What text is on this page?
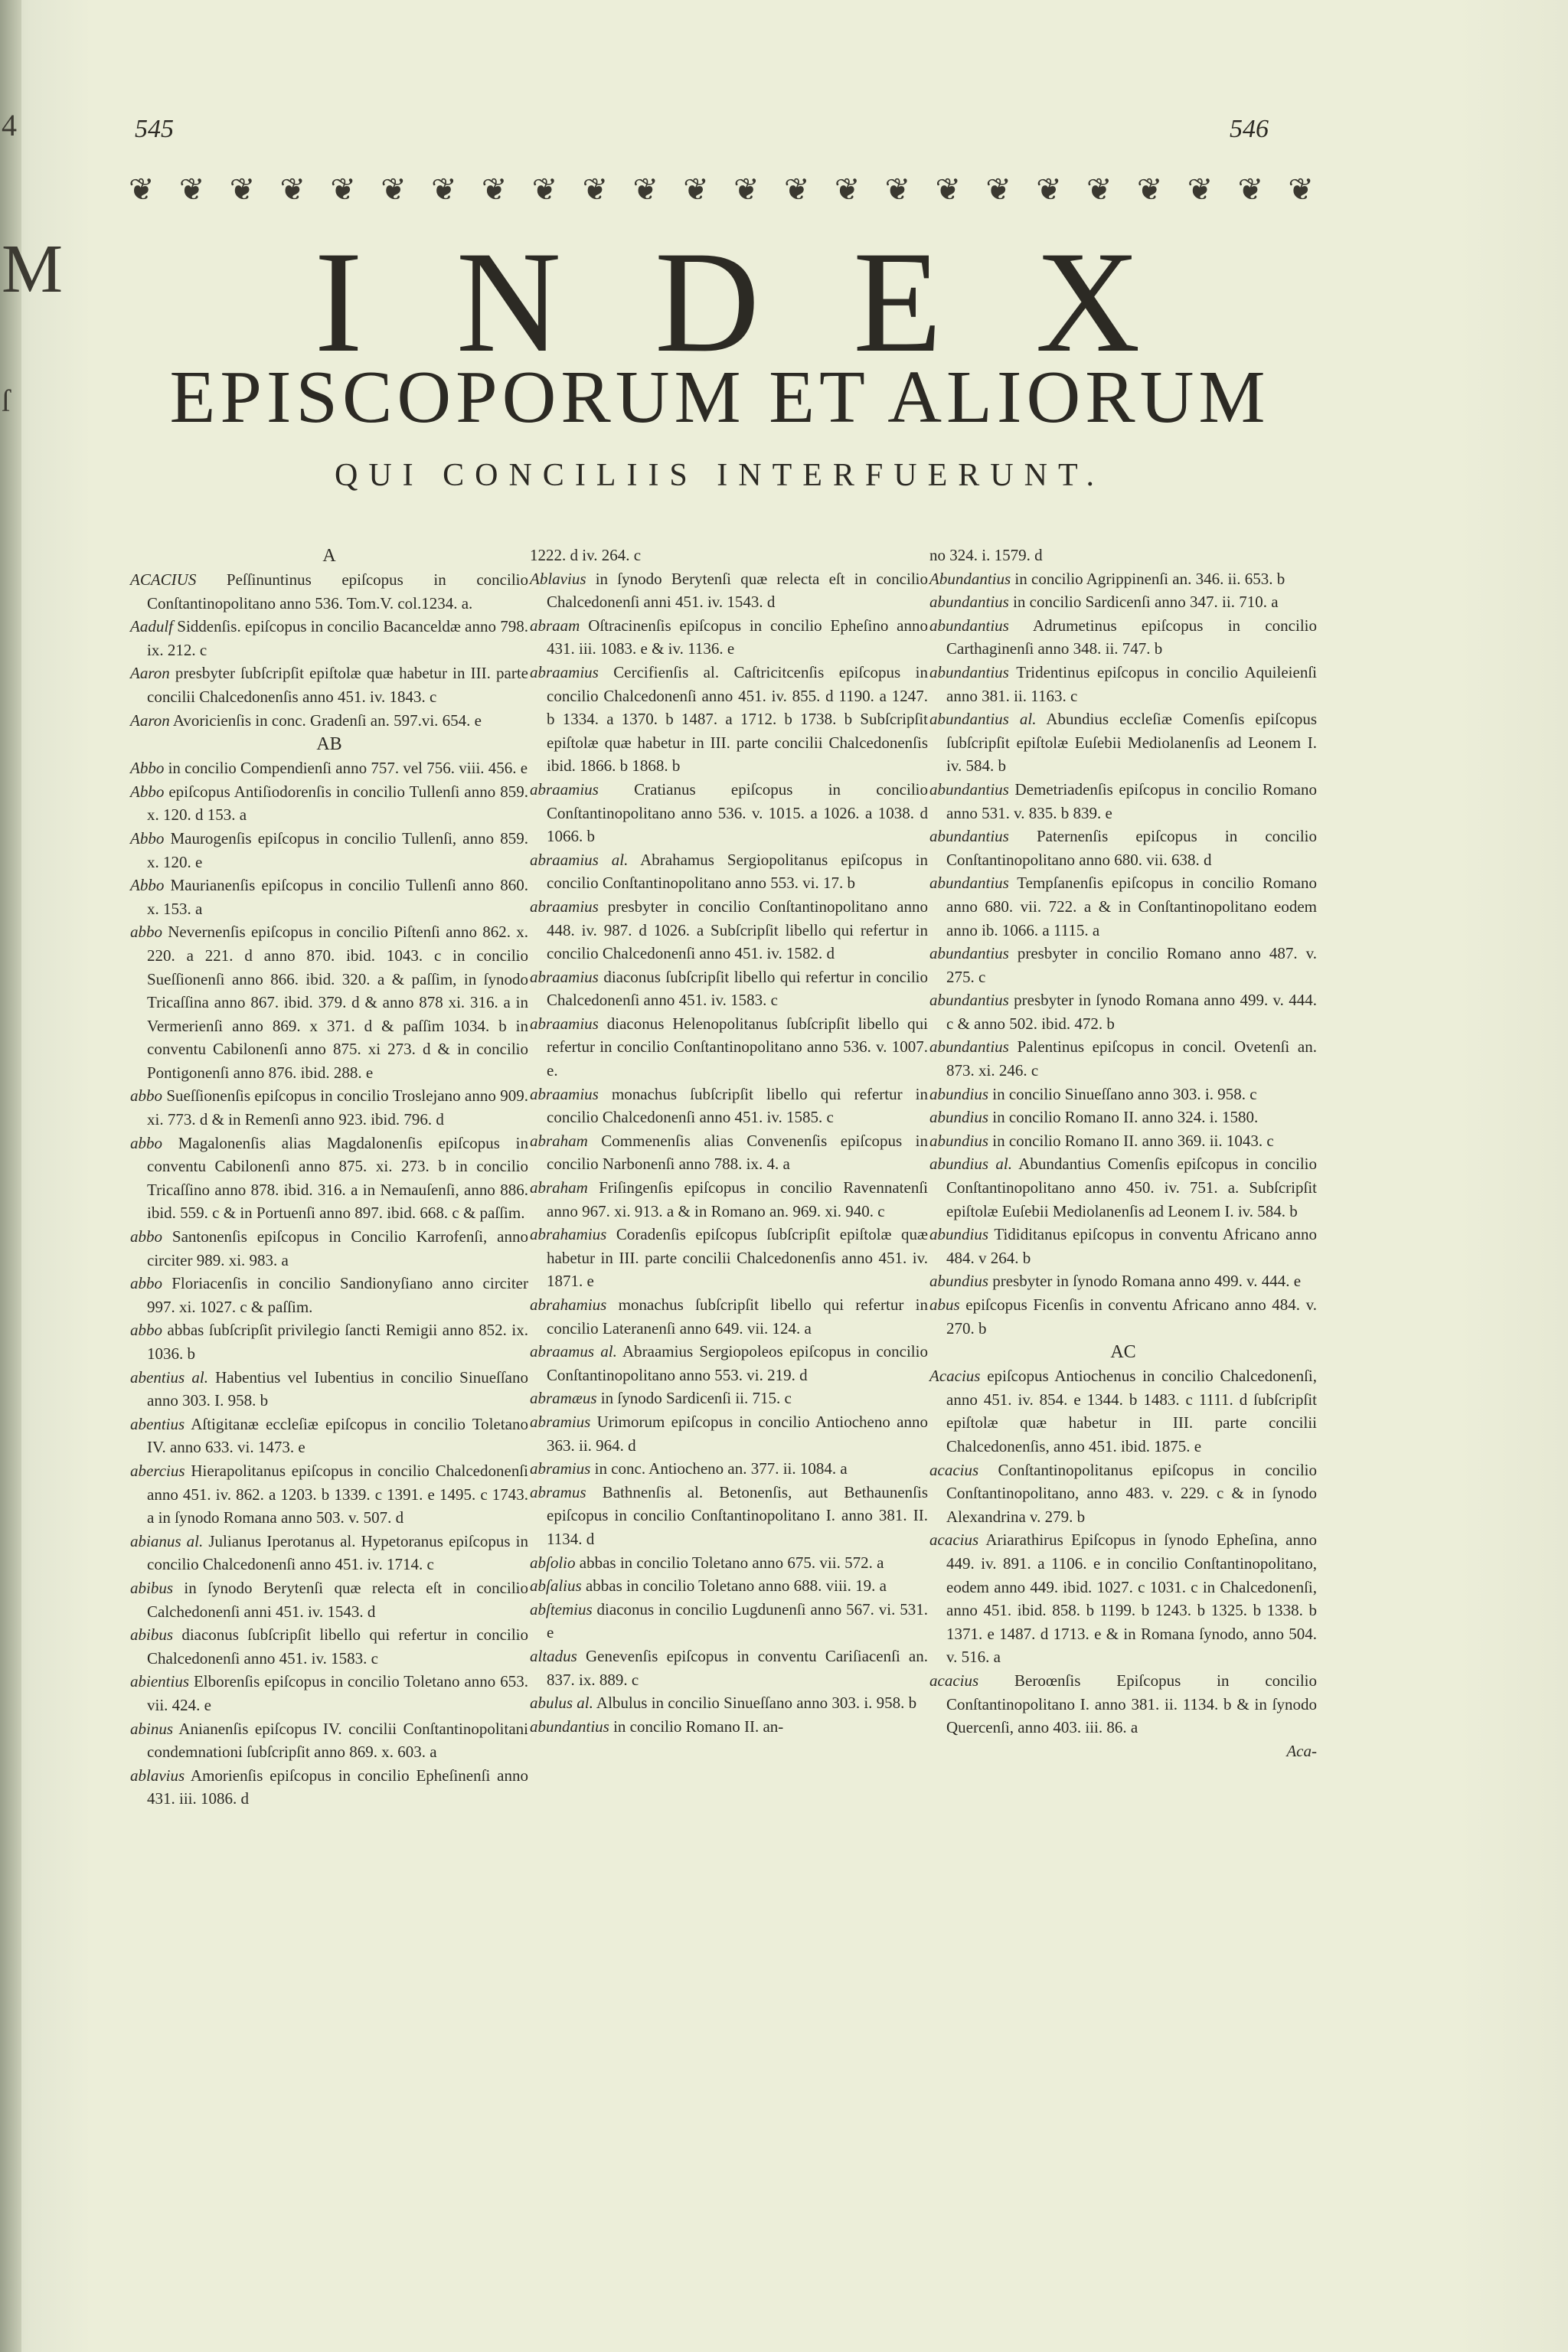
4
M
ſ
545	546
❦ ❦ ❦ ❦ ❦ ❦ ❦ ❦ ❦ ❦ ❦ ❦ ❦ ❦ ❦ ❦ ❦ ❦ ❦ ❦ ❦ ❦ ❦ ❦
INDEX
EPISCOPORUM ET ALIORUM
QUI CONCILIIS INTERFUERUNT.

A

ACACIUS Peſſinuntinus epiſcopus in concilio Conſtantinopolitano anno 536. Tom.V. col.1234. a.

Aadulf Siddenſis. epiſcopus in concilio Bacanceldæ anno 798. ix. 212. c

Aaron presbyter ſubſcripſit epiſtolæ quæ habetur in III. parte concilii Chalcedonenſis anno 451. iv. 1843. c

Aaron Avoricienſis in conc. Gradenſi an. 597.vi. 654. e

AB

Abbo in concilio Compendienſi anno 757. vel 756. viii. 456. e

Abbo epiſcopus Antiſiodorenſis in concilio Tullenſi anno 859. x. 120. d 153. a

Abbo Maurogenſis epiſcopus in concilio Tullenſi, anno 859. x. 120. e

Abbo Maurianenſis epiſcopus in concilio Tullenſi anno 860. x. 153. a

abbo Nevernenſis epiſcopus in concilio Piſtenſi anno 862. x. 220. a 221. d anno 870. ibid. 1043. c in concilio Sueſſionenſi anno 866. ibid. 320. a & paſſim, in ſynodo Tricaſſina anno 867. ibid. 379. d & anno 878 xi. 316. a in Vermerienſi anno 869. x 371. d & paſſim 1034. b in conventu Cabilonenſi anno 875. xi 273. d & in concilio Pontigonenſi anno 876. ibid. 288. e

abbo Sueſſionenſis epiſcopus in concilio Troslejano anno 909. xi. 773. d & in Remenſi anno 923. ibid. 796. d

abbo Magalonenſis alias Magdalonenſis epiſcopus in conventu Cabilonenſi anno 875. xi. 273. b in concilio Tricaſſino anno 878. ibid. 316. a in Nemauſenſi, anno 886. ibid. 559. c & in Portuenſi anno 897. ibid. 668. c & paſſim.

abbo Santonenſis epiſcopus in Concilio Karrofenſi, anno circiter 989. xi. 983. a

abbo Floriacenſis in concilio Sandionyſiano anno circiter 997. xi. 1027. c & paſſim.

abbo abbas ſubſcripſit privilegio ſancti Remigii anno 852. ix. 1036. b

abentius al. Habentius vel Iubentius in concilio Sinueſſano anno 303. I. 958. b

abentius Aſtigitanæ eccleſiæ epiſcopus in concilio Toletano IV. anno 633. vi. 1473. e

abercius Hierapolitanus epiſcopus in concilio Chalcedonenſi anno 451. iv. 862. a 1203. b 1339. c 1391. e 1495. c 1743. a in ſynodo Romana anno 503. v. 507. d

abianus al. Julianus Iperotanus al. Hypetoranus epiſcopus in concilio Chalcedonenſi anno 451. iv. 1714. c

abibus in ſynodo Berytenſi quæ relecta eſt in concilio Calchedonenſi anni 451. iv. 1543. d

abibus diaconus ſubſcripſit libello qui refertur in concilio Chalcedonenſi anno 451. iv. 1583. c

abientius Elborenſis epiſcopus in concilio Toletano anno 653. vii. 424. e

abinus Anianenſis epiſcopus IV. concilii Conſtantinopolitani condemnationi ſubſcripſit anno 869. x. 603. a

ablavius Amorienſis epiſcopus in concilio Epheſinenſi anno 431. iii. 1086. d

1222. d iv. 264. c

Ablavius in ſynodo Berytenſi quæ relecta eſt in concilio Chalcedonenſi anni 451. iv. 1543. d

abraam Oſtracinenſis epiſcopus in concilio Epheſino anno 431. iii. 1083. e & iv. 1136. e

abraamius Cercifienſis al. Caſtricitcenſis epiſcopus in concilio Chalcedonenſi anno 451. iv. 855. d 1190. a 1247. b 1334. a 1370. b 1487. a 1712. b 1738. b Subſcripſit epiſtolæ quæ habetur in III. parte concilii Chalcedonenſis ibid. 1866. b 1868. b

abraamius Cratianus epiſcopus in concilio Conſtantinopolitano anno 536. v. 1015. a 1026. a 1038. d 1066. b

abraamius al. Abrahamus Sergiopolitanus epiſcopus in concilio Conſtantinopolitano anno 553. vi. 17. b

abraamius presbyter in concilio Conſtantinopolitano anno 448. iv. 987. d 1026. a Subſcripſit libello qui refertur in concilio Chalcedonenſi anno 451. iv. 1582. d

abraamius diaconus ſubſcripſit libello qui refertur in concilio Chalcedonenſi anno 451. iv. 1583. c

abraamius diaconus Helenopolitanus ſubſcripſit libello qui refertur in concilio Conſtantinopolitano anno 536. v. 1007. e.

abraamius monachus ſubſcripſit libello qui refertur in concilio Chalcedonenſi anno 451. iv. 1585. c

abraham Commenenſis alias Convenenſis epiſcopus in concilio Narbonenſi anno 788. ix. 4. a

abraham Friſingenſis epiſcopus in concilio Ravennatenſi anno 967. xi. 913. a & in Romano an. 969. xi. 940. c

abrahamius Coradenſis epiſcopus ſubſcripſit epiſtolæ quæ habetur in III. parte concilii Chalcedonenſis anno 451. iv. 1871. e

abrahamius monachus ſubſcripſit libello qui refertur in concilio Lateranenſi anno 649. vii. 124. a

abraamus al. Abraamius Sergiopoleos epiſcopus in concilio Conſtantinopolitano anno 553. vi. 219. d

abramæus in ſynodo Sardicenſi ii. 715. c

abramius Urimorum epiſcopus in concilio Antiocheno anno 363. ii. 964. d

abramius in conc. Antiocheno an. 377. ii. 1084. a

abramus Bathnenſis al. Betonenſis, aut Bethaunenſis epiſcopus in concilio Conſtantinopolitano I. anno 381. II. 1134. d

abſolio abbas in concilio Toletano anno 675. vii. 572. a

abſalius abbas in concilio Toletano anno 688. viii. 19. a

abſtemius diaconus in concilio Lugdunenſi anno 567. vi. 531. e

altadus Genevenſis epiſcopus in conventu Cariſiacenſi an. 837. ix. 889. c

abulus al. Albulus in concilio Sinueſſano anno 303. i. 958. b

abundantius in concilio Romano II. an-

no 324. i. 1579. d

Abundantius in concilio Agrippinenſi an. 346. ii. 653. b

abundantius in concilio Sardicenſi anno 347. ii. 710. a

abundantius Adrumetinus epiſcopus in concilio Carthaginenſi anno 348. ii. 747. b

abundantius Tridentinus epiſcopus in concilio Aquileienſi anno 381. ii. 1163. c

abundantius al. Abundius eccleſiæ Comenſis epiſcopus ſubſcripſit epiſtolæ Euſebii Mediolanenſis ad Leonem I. iv. 584. b

abundantius Demetriadenſis epiſcopus in concilio Romano anno 531. v. 835. b 839. e

abundantius Paternenſis epiſcopus in concilio Conſtantinopolitano anno 680. vii. 638. d

abundantius Tempſanenſis epiſcopus in concilio Romano anno 680. vii. 722. a & in Conſtantinopolitano eodem anno ib. 1066. a 1115. a

abundantius presbyter in concilio Romano anno 487. v. 275. c

abundantius presbyter in ſynodo Romana anno 499. v. 444. c & anno 502. ibid. 472. b

abundantius Palentinus epiſcopus in concil. Ovetenſi an. 873. xi. 246. c

abundius in concilio Sinueſſano anno 303. i. 958. c

abundius in concilio Romano II. anno 324. i. 1580.

abundius in concilio Romano II. anno 369. ii. 1043. c

abundius al. Abundantius Comenſis epiſcopus in concilio Conſtantinopolitano anno 450. iv. 751. a. Subſcripſit epiſtolæ Euſebii Mediolanenſis ad Leonem I. iv. 584. b

abundius Tididitanus epiſcopus in conventu Africano anno 484. v 264. b

abundius presbyter in ſynodo Romana anno 499. v. 444. e

abus epiſcopus Ficenſis in conventu Africano anno 484. v. 270. b

AC

Acacius epiſcopus Antiochenus in concilio Chalcedonenſi, anno 451. iv. 854. e 1344. b 1483. c 1111. d ſubſcripſit epiſtolæ quæ habetur in III. parte concilii Chalcedonenſis, anno 451. ibid. 1875. e

acacius Conſtantinopolitanus epiſcopus in concilio Conſtantinopolitano, anno 483. v. 229. c & in ſynodo Alexandrina v. 279. b

acacius Ariarathirus Epiſcopus in ſynodo Epheſina, anno 449. iv. 891. a 1106. e in concilio Conſtantinopolitano, eodem anno 449. ibid. 1027. c 1031. c in Chalcedonenſi, anno 451. ibid. 858. b 1199. b 1243. b 1325. b 1338. b 1371. e 1487. d 1713. e & in Romana ſynodo, anno 504. v. 516. a

acacius Beroœnſis Epiſcopus in concilio Conſtantinopolitano I. anno 381. ii. 1134. b & in ſynodo Quercenſi, anno 403. iii. 86. a

Aca-
